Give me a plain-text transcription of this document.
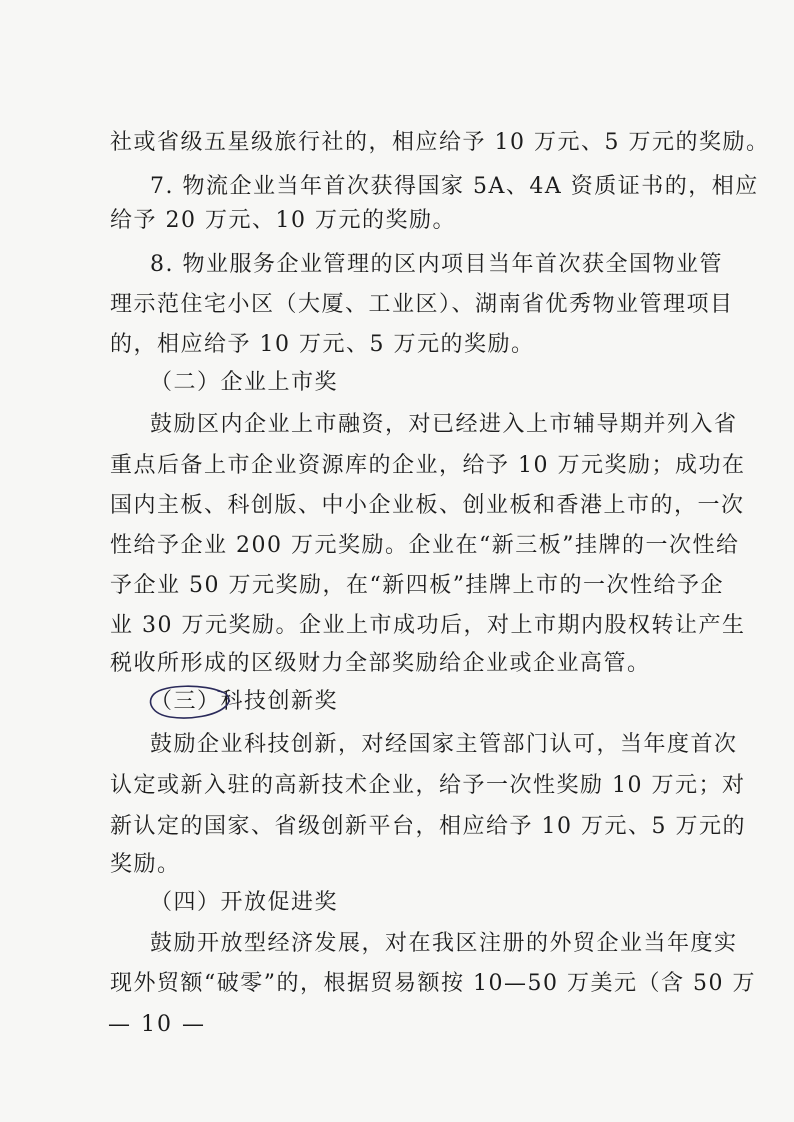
社或省级五星级旅行社的，相应给予 10 万元、5 万元的奖励。
7. 物流企业当年首次获得国家 5A、4A 资质证书的，相应
给予 20 万元、10 万元的奖励。
8. 物业服务企业管理的区内项目当年首次获全国物业管
理示范住宅小区（大厦、工业区）、湖南省优秀物业管理项目
的，相应给予 10 万元、5 万元的奖励。
（二）企业上市奖
鼓励区内企业上市融资，对已经进入上市辅导期并列入省
重点后备上市企业资源库的企业，给予 10 万元奖励；成功在
国内主板、科创版、中小企业板、创业板和香港上市的，一次
性给予企业 200 万元奖励。企业在“新三板”挂牌的一次性给
予企业 50 万元奖励，在“新四板”挂牌上市的一次性给予企
业 30 万元奖励。企业上市成功后，对上市期内股权转让产生
税收所形成的区级财力全部奖励给企业或企业高管。
（三）科技创新奖
鼓励企业科技创新，对经国家主管部门认可，当年度首次
认定或新入驻的高新技术企业，给予一次性奖励 10 万元；对
新认定的国家、省级创新平台，相应给予 10 万元、5 万元的
奖励。
（四）开放促进奖
鼓励开放型经济发展，对在我区注册的外贸企业当年度实
现外贸额“破零”的，根据贸易额按 10—50 万美元（含 50 万
— 10 —
